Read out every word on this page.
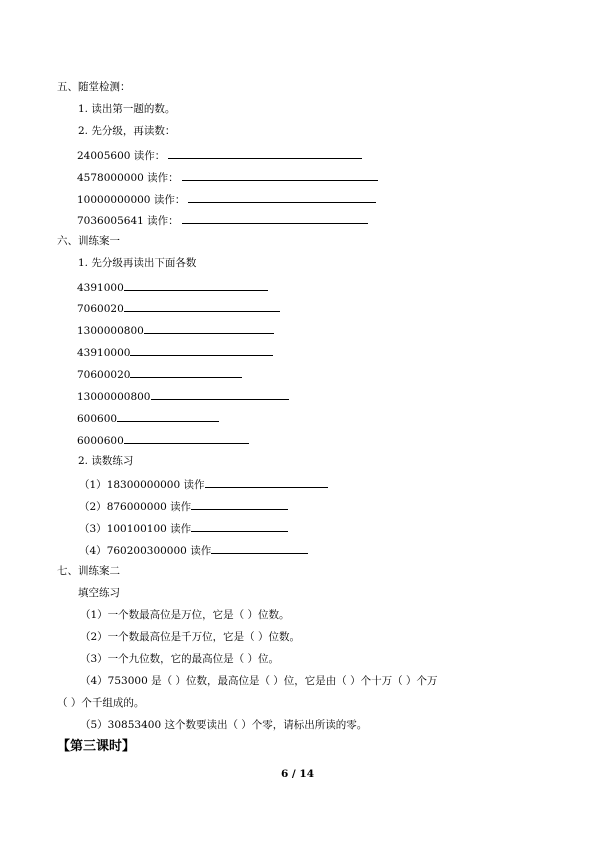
五、随堂检测：
1. 读出第一题的数。
2. 先分级，再读数：
24005600 读作：
4578000000 读作：
10000000000 读作：
7036005641 读作：
六、训练案一
1. 先分级再读出下面各数
4391000
7060020
1300000800
43910000
70600020
13000000800
600600
6000600
2. 读数练习
（1）18300000000 读作
（2）876000000 读作
（3）100100100 读作
（4）760200300000 读作
七、训练案二
填空练习
（1）一个数最高位是万位，它是（ ）位数。
（2）一个数最高位是千万位，它是（ ）位数。
（3）一个九位数，它的最高位是（ ）位。
（4）753000 是（ ）位数，最高位是（ ）位，它是由（ ）个十万（ ）个万
（ ）个千组成的。
（5）30853400 这个数要读出（ ）个零，请标出所读的零。
【第三课时】
6 / 14
